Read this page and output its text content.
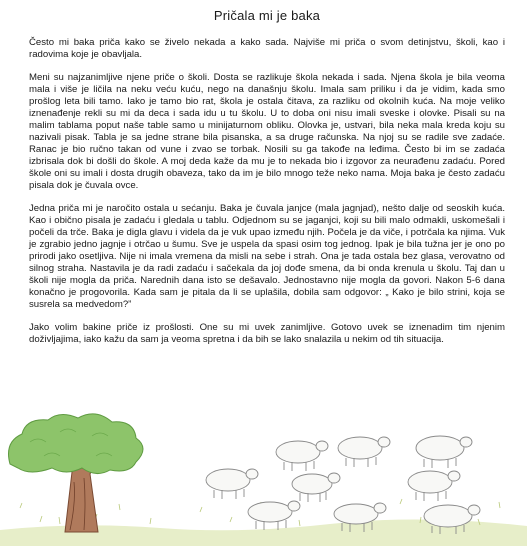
Pričala mi je baka

Često mi baka priča kako se živelo nekada a kako sada. Najviše mi priča o svom detinjstvu, školi, kao i radovima koje je obavljala.

Meni su najzanimljive njene priče o školi. Dosta se razlikuje škola nekada i sada. Njena škola je bila veoma mala i više je ličila na neku veću kuću, nego na današnju školu. Imala sam priliku i da je vidim, kada smo prošlog leta bili tamo. Iako je tamo bio rat, škola je ostala čitava, za razliku od okolnih kuća. Na moje veliko iznenađenje rekli su mi da deca i sada idu u tu školu. U to doba oni nisu imali sveske i olovke. Pisali su na malim tablama poput naše table samo u minijaturnom obliku. Olovka je, ustvari, bila neka mala kreda koju su nazivali pisak. Tabla je sa jedne strane bila pisanska, a sa druge računska. Na njoj su se radile sve zadaće. Ranac je bio ručno takan od vune i zvao se torbak. Nosili su ga takođe na leđima. Često bi im se zadaća izbrisala dok bi došli do škole. A moj deda kaže da mu je to nekada bio i izgovor za neurađenu zadaću. Pored škole oni su imali i dosta drugih obaveza, tako da im je bilo mnogo teže neko nama. Moja baka je često zadaću pisala dok je čuvala ovce.

Jedna priča mi je naročito ostala u sećanju. Baka je čuvala janjce (mala jagnjad), nešto dalje od seoskih kuća. Kao i obično pisala je zadaću i gledala u tablu. Odjednom su se jaganjci, koji su bili malo odmakli, uskomešali i počeli da trče. Baka je digla glavu i videla da je vuk upao između njih. Počela je da viče, i potrčala ka njima. Vuk je zgrabio jedno jagnje i otrčao u šumu. Sve je uspela da spasi osim tog jednog. Ipak je bila tužna jer je ono po prirodi jako osetljiva. Nije ni imala vremena da misli na sebe i strah. Ona je tada ostala bez glasa, verovatno od silnog straha. Nastavila je da radi zadaću i sačekala da joj dođe smena, da bi onda krenula u školu. Taj dan u školi nije mogla da priča. Narednih dana isto se dešavalo. Jednostavno nije mogla da govori. Nakon 5-6 dana konačno je progovorila. Kada sam je pitala da li se uplašila, dobila sam odgovor: „ Kako je bilo strini, koja se susrela sa medvedom?”

Jako volim bakine priče iz prošlosti. One su mi uvek zanimljive. Gotovo uvek se iznenadim tim njenim doživljajima, iako kažu da sam ja veoma spretna i da bih se lako snalazila u nekim od tih situacija.
